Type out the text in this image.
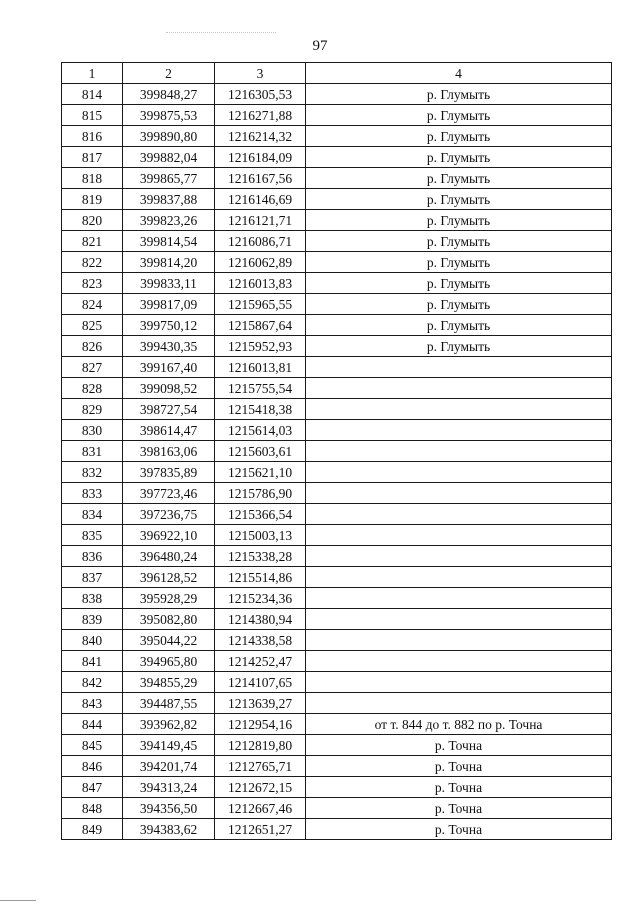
97
1	2	3	4
814	399848,27	1216305,53	р. Глумыть
815	399875,53	1216271,88	р. Глумыть
816	399890,80	1216214,32	р. Глумыть
817	399882,04	1216184,09	р. Глумыть
818	399865,77	1216167,56	р. Глумыть
819	399837,88	1216146,69	р. Глумыть
820	399823,26	1216121,71	р. Глумыть
821	399814,54	1216086,71	р. Глумыть
822	399814,20	1216062,89	р. Глумыть
823	399833,11	1216013,83	р. Глумыть
824	399817,09	1215965,55	р. Глумыть
825	399750,12	1215867,64	р. Глумыть
826	399430,35	1215952,93	р. Глумыть
827	399167,40	1216013,81	
828	399098,52	1215755,54	
829	398727,54	1215418,38	
830	398614,47	1215614,03	
831	398163,06	1215603,61	
832	397835,89	1215621,10	
833	397723,46	1215786,90	
834	397236,75	1215366,54	
835	396922,10	1215003,13	
836	396480,24	1215338,28	
837	396128,52	1215514,86	
838	395928,29	1215234,36	
839	395082,80	1214380,94	
840	395044,22	1214338,58	
841	394965,80	1214252,47	
842	394855,29	1214107,65	
843	394487,55	1213639,27	
844	393962,82	1212954,16	от т. 844 до т. 882 по р. Точна
845	394149,45	1212819,80	р. Точна
846	394201,74	1212765,71	р. Точна
847	394313,24	1212672,15	р. Точна
848	394356,50	1212667,46	р. Точна
849	394383,62	1212651,27	р. Точна
